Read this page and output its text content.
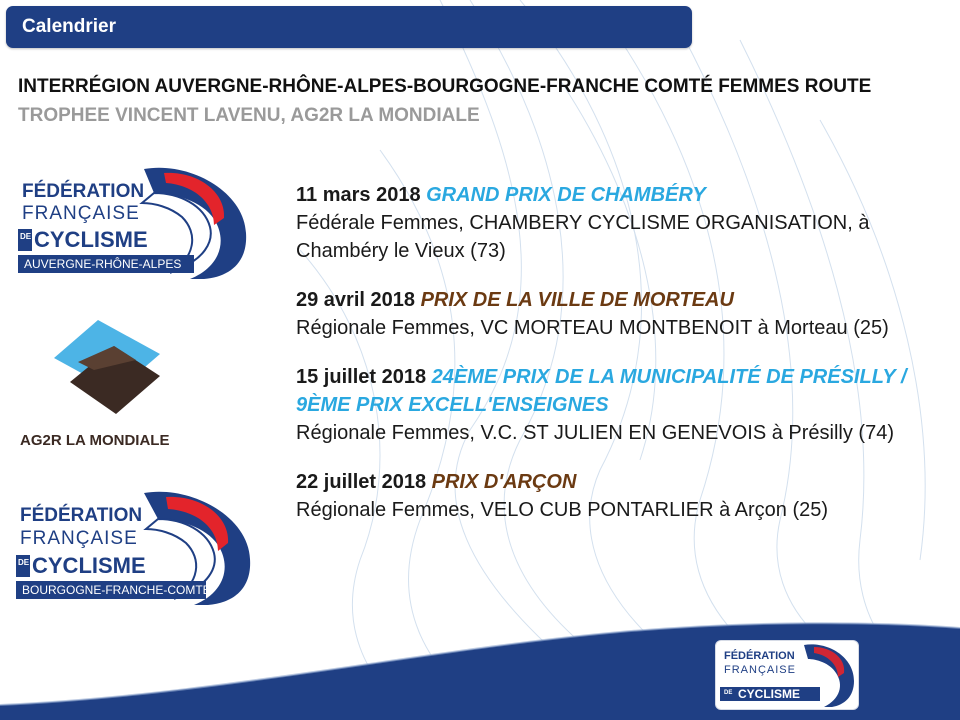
Calendrier
INTERRÉGION AUVERGNE-RHÔNE-ALPES-BOURGOGNE-FRANCHE COMTÉ FEMMES ROUTE
TROPHEE VINCENT LAVENU, AG2R LA MONDIALE
FÉDÉRATION
FRANÇAISE
DE CYCLISME
AUVERGNE-RHÔNE-ALPES
AG2R LA MONDIALE
FÉDÉRATION
FRANÇAISE
DE CYCLISME
BOURGOGNE-FRANCHE-COMTÉ
11 mars 2018 GRAND PRIX DE CHAMBÉRY
Fédérale Femmes, CHAMBERY CYCLISME ORGANISATION, à Chambéry le Vieux (73)
29 avril 2018 PRIX DE LA VILLE DE MORTEAU
Régionale Femmes, VC MORTEAU MONTBENOIT à Morteau (25)
15 juillet 2018 24ÈME PRIX DE LA MUNICIPALITÉ DE PRÉSILLY / 9ÈME PRIX EXCELL'ENSEIGNES
Régionale Femmes, V.C. ST JULIEN EN GENEVOIS à Présilly (74)
22 juillet 2018 PRIX D'ARÇON
Régionale Femmes, VELO CUB PONTARLIER à Arçon (25)
FÉDÉRATION
FRANÇAISE
DE CYCLISME
